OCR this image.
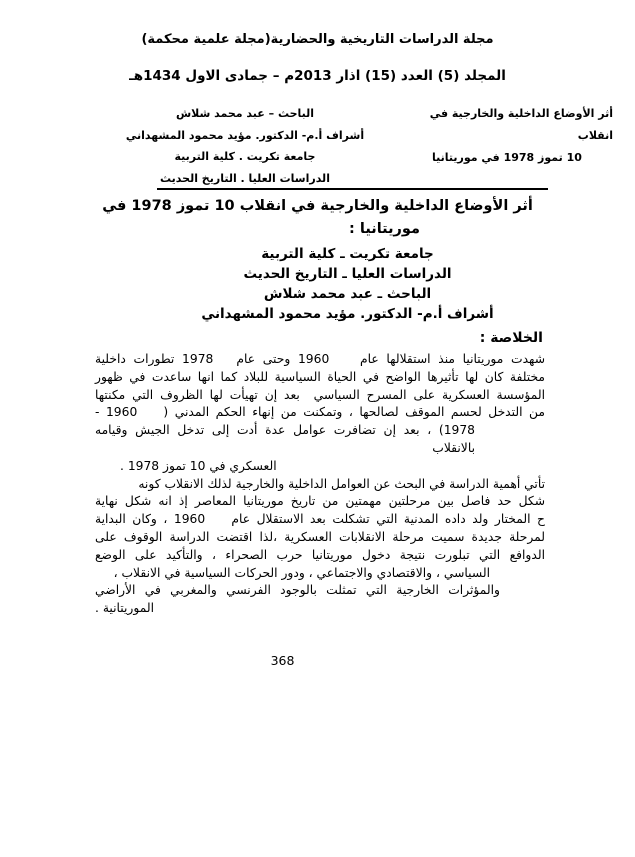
مجلة الدراسات التاريخية والحضارية(مجلة علمية محكمة)
المجلد (5) العدد (15) اذار 2013م – جمادى الاول 1434هـ
أثر الأوضاع الداخلية والخارجية في انقلاب
10 تموز 1978 في موريتانيا
الباحث – عبد محمد شلاش
أشراف أ.م- الدكتور. مؤيد محمود المشهداني
جامعة تكريت . كلية التربية
الدراسات العليا . التاريخ الحديث
أثر الأوضاع الداخلية والخارجية في انقلاب 10 تموز 1978 في
موريتانيا :
جامعة تكريت ـ كلية التربية
الدراسات العليا ـ التاريخ الحديث
الباحث ـ عبد محمد شلاش
أشراف أ.م- الدكتور. مؤيد محمود المشهداني
الخلاصة :
شهدت موريتانيا منذ استقلالها عام    1960 وحتى عام   1978 تطورات داخلية
مختلفة كان لها تأثيرها الواضح في الحياة السياسية للبلاد كما انها ساعدت في ظهور
المؤسسة العسكرية على المسرح السياسي  بعد إن تهيأت لها الظروف التي مكنتها
من التدخل لحسم الموقف لصالحها ، وتمكنت من إنهاء الحكم المدني (    1960 -
1978) ، بعد إن تضافرت عوامل عدة أدت إلى تدخل الجيش وقيامه بالانقلاب
العسكري في 10 تموز 1978 .
تأتي أهمية الدراسة في البحث عن العوامل الداخلية والخارجية لذلك الانقلاب كونه
شكل حد فاصل بين مرحلتين مهمتين من تاريخ موريتانيا المعاصر إذ انه شكل نهاية
ح المختار ولد داده المدنية التي تشكلت بعد الاستقلال عام    1960 ، وكان البداية
لمرحلة جديدة سميت مرحلة الانقلابات العسكرية ،لذا اقتضت الدراسة الوقوف على
الدوافع التي تبلورت نتيجة دخول موريتانيا حرب الصحراء ، والتأكيد على الوضع
السياسي ، والاقتصادي والاجتماعي ، ودور الحركات السياسية في الانقلاب ،
والمؤثرات الخارجية التي تمثلت بالوجود الفرنسي والمغربي في الأراضي
الموريتانية .
368
